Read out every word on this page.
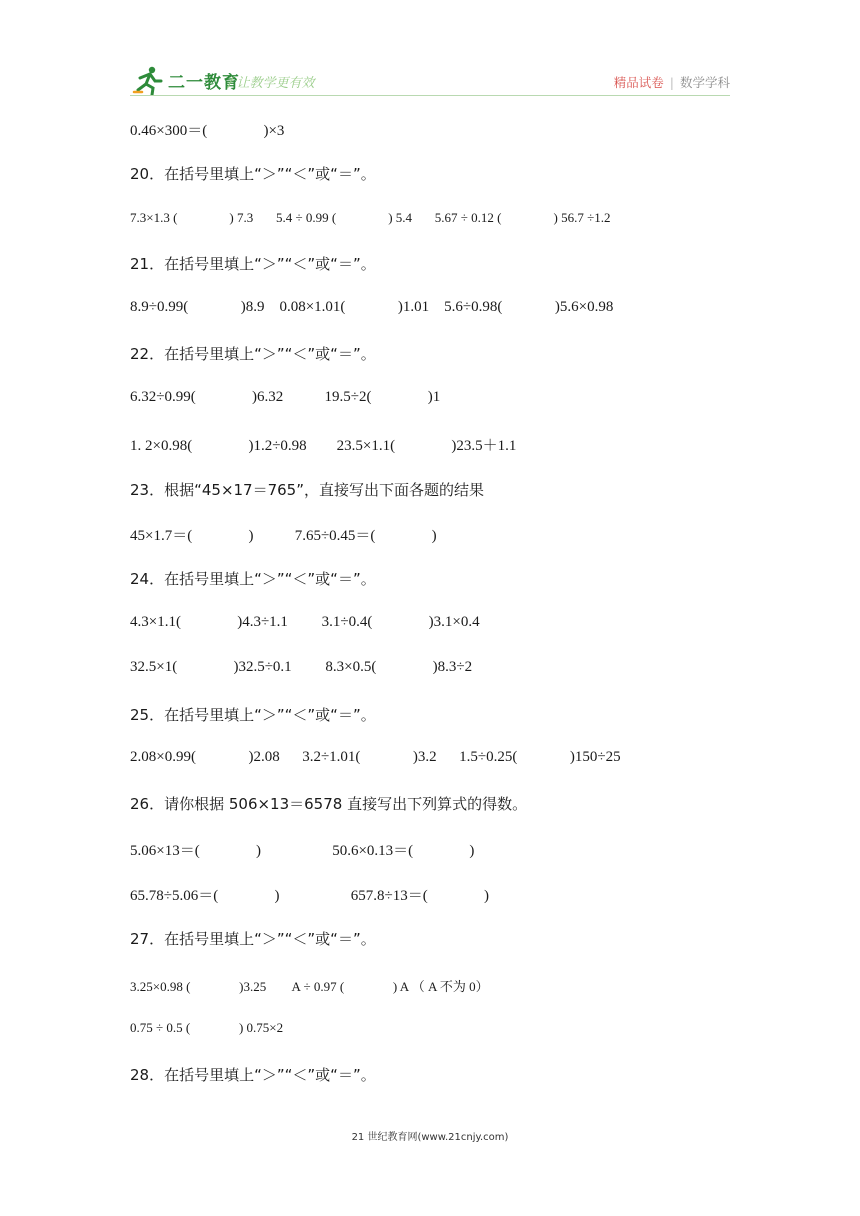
二一教育
/ 让教学更有效	精品试卷 | 数学学科
0.46×300＝(               )×3
20．在括号里填上“＞”“＜”或“＝”。
7.3×1.3 (                ) 7.3       5.4 ÷ 0.99 (                ) 5.4       5.67 ÷ 0.12 (                ) 56.7 ÷1.2
21．在括号里填上“＞”“＜”或“＝”。
8.9÷0.99(              )8.9    0.08×1.01(              )1.01    5.6÷0.98(              )5.6×0.98
22．在括号里填上“＞”“＜”或“＝”。
6.32÷0.99(               )6.32           19.5÷2(               )1
1. 2×0.98(               )1.2÷0.98        23.5×1.1(               )23.5＋1.1
23．根据“45×17＝765”，直接写出下面各题的结果
45×1.7＝(               )           7.65÷0.45＝(               )
24．在括号里填上“＞”“＜”或“＝”。
4.3×1.1(               )4.3÷1.1         3.1÷0.4(               )3.1×0.4
32.5×1(               )32.5÷0.1         8.3×0.5(               )8.3÷2
25．在括号里填上“＞”“＜”或“＝”。
2.08×0.99(              )2.08      3.2÷1.01(              )3.2      1.5÷0.25(              )150÷25
26．请你根据 506×13＝6578 直接写出下列算式的得数。
5.06×13＝(               )                   50.6×0.13＝(               )
65.78÷5.06＝(               )                   657.8÷13＝(               )
27．在括号里填上“＞”“＜”或“＝”。
3.25×0.98 (               )3.25        A ÷ 0.97 (               ) A （ A 不为 0）
0.75 ÷ 0.5 (               ) 0.75×2
28．在括号里填上“＞”“＜”或“＝”。
21 世纪教育网(www.21cnjy.com)
